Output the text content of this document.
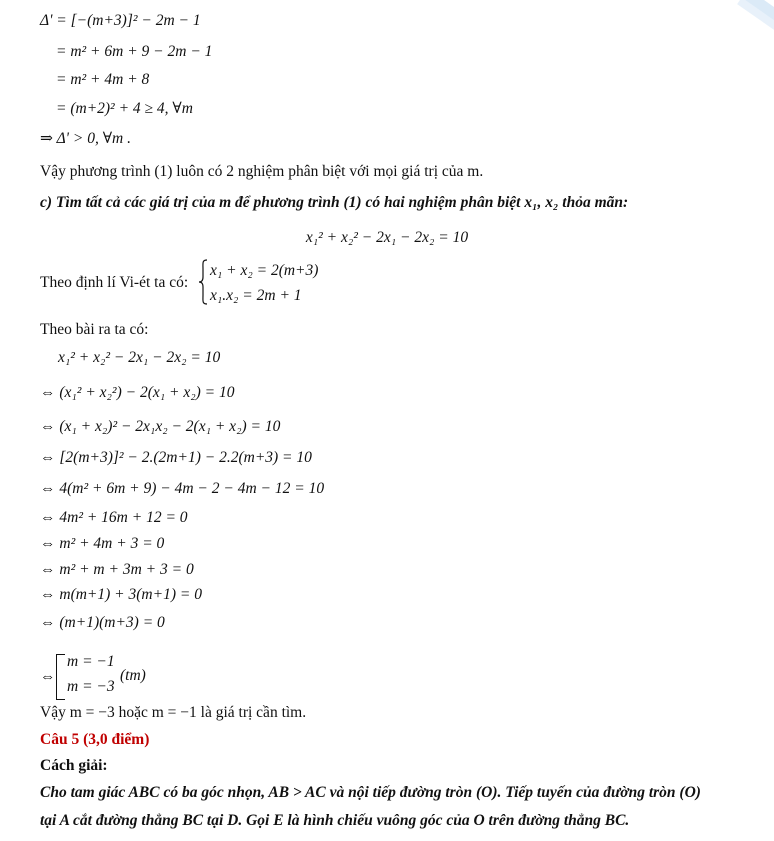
Δ' = [−(m+3)]² − 2m − 1
= m² + 6m + 9 − 2m − 1
= m² + 4m + 8
= (m+2)² + 4 ≥ 4, ∀m
⇒ Δ' > 0, ∀m .
Vậy phương trình (1) luôn có 2 nghiệm phân biệt với mọi giá trị của m.
c) Tìm tất cả các giá trị của m để phương trình (1) có hai nghiệm phân biệt x₁, x₂ thỏa mãn:
x₁² + x₂² − 2x₁ − 2x₂ = 10
Theo định lí Vi-ét ta có:
x₁ + x₂ = 2(m+3)
x₁.x₂ = 2m + 1
Theo bài ra ta có:
x₁² + x₂² − 2x₁ − 2x₂ = 10
⇔ (x₁² + x₂²) − 2(x₁ + x₂) = 10
⇔ (x₁ + x₂)² − 2x₁x₂ − 2(x₁ + x₂) = 10
⇔ [2(m+3)]² − 2.(2m+1) − 2.2(m+3) = 10
⇔ 4(m² + 6m + 9) − 4m − 2 − 4m − 12 = 10
⇔ 4m² + 16m + 12 = 0
⇔ m² + 4m + 3 = 0
⇔ m² + m + 3m + 3 = 0
⇔ m(m+1) + 3(m+1) = 0
⇔ (m+1)(m+3) = 0
⇔
m = −1
m = −3
(tm)
Vậy m = −3 hoặc m = −1 là giá trị cần tìm.
Câu 5 (3,0 điểm)
Cách giải:
Cho tam giác ABC có ba góc nhọn, AB > AC và nội tiếp đường tròn (O). Tiếp tuyến của đường tròn (O)
tại A cắt đường thẳng BC tại D. Gọi E là hình chiếu vuông góc của O trên đường thẳng BC.
